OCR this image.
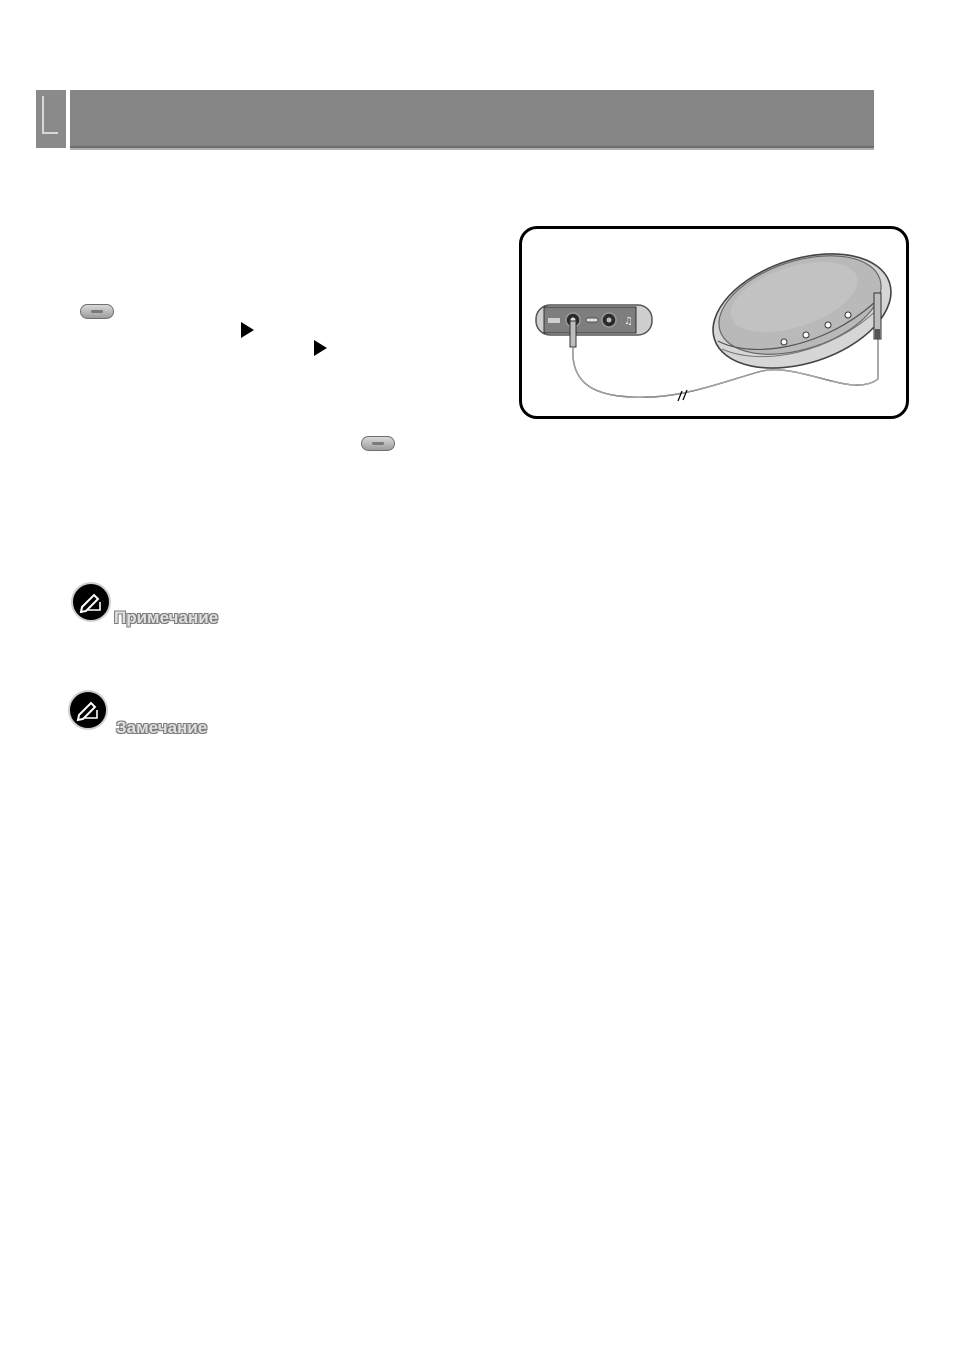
♫
Примечание
Замечание
